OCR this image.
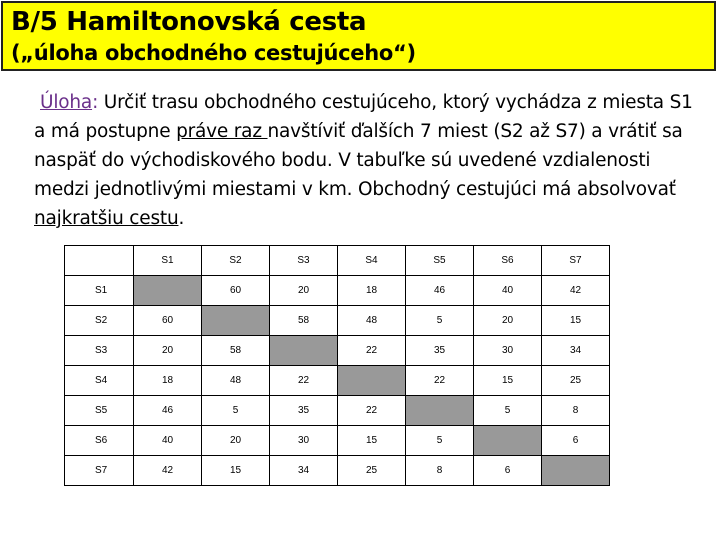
B/5 Hamiltonovská cesta
(„úloha obchodného cestujúceho“)
Úloha: Určiť trasu obchodného cestujúceho, ktorý vychádza z miesta S1 a má postupne práve raz navštíviť ďalších 7 miest (S2 až S7) a vrátiť sa naspäť do východiskového bodu. V tabuľke sú uvedené vzdialenosti medzi jednotlivými miestami v km. Obchodný cestujúci má absolvovať najkratšiu cestu.
	S1	S2	S3	S4	S5	S6	S7
S1		60	20	18	46	40	42
S2	60		58	48	5	20	15
S3	20	58		22	35	30	34
S4	18	48	22		22	15	25
S5	46	5	35	22		5	8
S6	40	20	30	15	5		6
S7	42	15	34	25	8	6	
